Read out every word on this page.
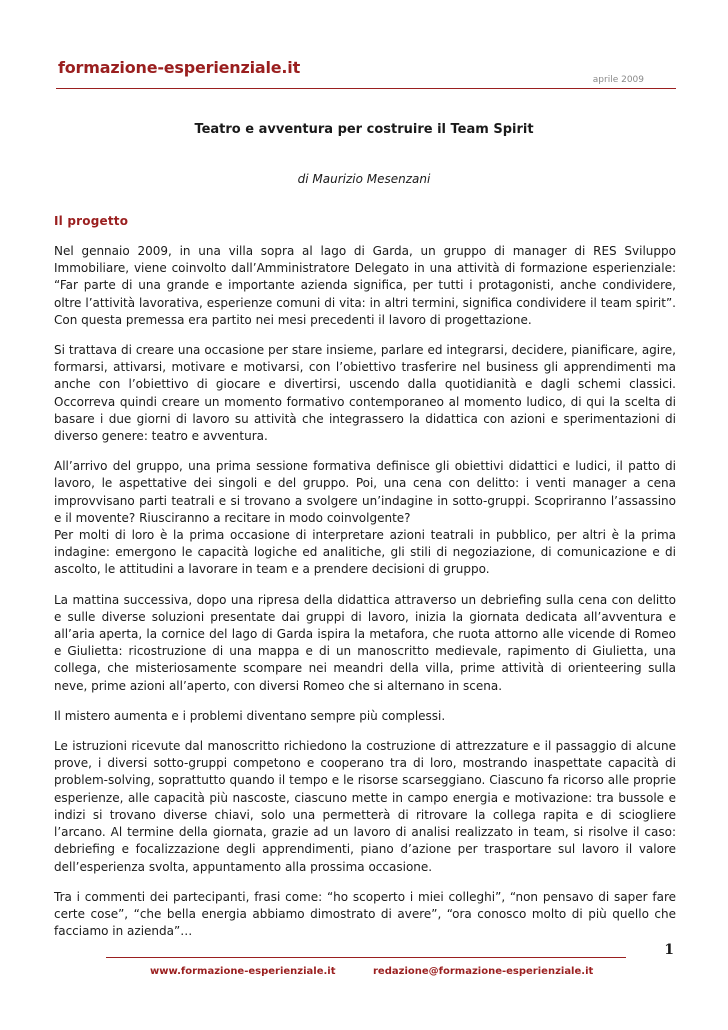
formazione-esperienziale.it
aprile 2009
Teatro e avventura per costruire il Team Spirit
di Maurizio Mesenzani
Il progetto

Nel gennaio 2009, in una villa sopra al lago di Garda, un gruppo di manager di RES Sviluppo Immobiliare, viene coinvolto dall’Amministratore Delegato in una attività di formazione esperienziale: “Far parte di una grande e importante azienda significa, per tutti i protagonisti, anche condividere, oltre l’attività lavorativa, esperienze comuni di vita: in altri termini, significa condividere il team spirit”. Con questa premessa era partito nei mesi precedenti il lavoro di progettazione.

Si trattava di creare una occasione per stare insieme, parlare ed integrarsi, decidere, pianificare, agire, formarsi, attivarsi, motivare e motivarsi, con l’obiettivo trasferire nel business gli apprendimenti ma anche con l’obiettivo di giocare e divertirsi, uscendo dalla quotidianità e dagli schemi classici. Occorreva quindi creare un momento formativo contemporaneo al momento ludico, di qui la scelta di basare i due giorni di lavoro su attività che integrassero la didattica con azioni e sperimentazioni di diverso genere: teatro e avventura.

All’arrivo del gruppo, una prima sessione formativa definisce gli obiettivi didattici e ludici, il patto di lavoro, le aspettative dei singoli e del gruppo. Poi, una cena con delitto: i venti manager a cena improvvisano parti teatrali e si trovano a svolgere un’indagine in sotto-gruppi. Scopriranno l’assassino e il movente? Riusciranno a recitare in modo coinvolgente?

Per molti di loro è la prima occasione di interpretare azioni teatrali in pubblico, per altri è la prima indagine: emergono le capacità logiche ed analitiche, gli stili di negoziazione, di comunicazione e di ascolto, le attitudini a lavorare in team e a prendere decisioni di gruppo.

La mattina successiva, dopo una ripresa della didattica attraverso un debriefing sulla cena con delitto e sulle diverse soluzioni presentate dai gruppi di lavoro, inizia la giornata dedicata all’avventura e all’aria aperta, la cornice del lago di Garda ispira la metafora, che ruota attorno alle vicende di Romeo e Giulietta: ricostruzione di una mappa e di un manoscritto medievale, rapimento di Giulietta, una collega, che misteriosamente scompare nei meandri della villa, prime attività di orienteering sulla neve, prime azioni all’aperto, con diversi Romeo che si alternano in scena.

Il mistero aumenta e i problemi diventano sempre più complessi.

Le istruzioni ricevute dal manoscritto richiedono la costruzione di attrezzature e il passaggio di alcune prove, i diversi sotto-gruppi competono e cooperano tra di loro, mostrando inaspettate capacità di problem-solving, soprattutto quando il tempo e le risorse scarseggiano. Ciascuno fa ricorso alle proprie esperienze, alle capacità più nascoste, ciascuno mette in campo energia e motivazione: tra bussole e indizi si trovano diverse chiavi, solo una permetterà di ritrovare la collega rapita e di sciogliere l’arcano. Al termine della giornata, grazie ad un lavoro di analisi realizzato in team, si risolve il caso: debriefing e focalizzazione degli apprendimenti, piano d’azione per trasportare sul lavoro il valore dell’esperienza svolta, appuntamento alla prossima occasione.

Tra i commenti dei partecipanti, frasi come: “ho scoperto i miei colleghi”, “non pensavo di saper fare certe cose”, “che bella energia abbiamo dimostrato di avere”, “ora conosco molto di più quello che facciamo in azienda”…

1
www.formazione-esperienziale.it	redazione@formazione-esperienziale.it
